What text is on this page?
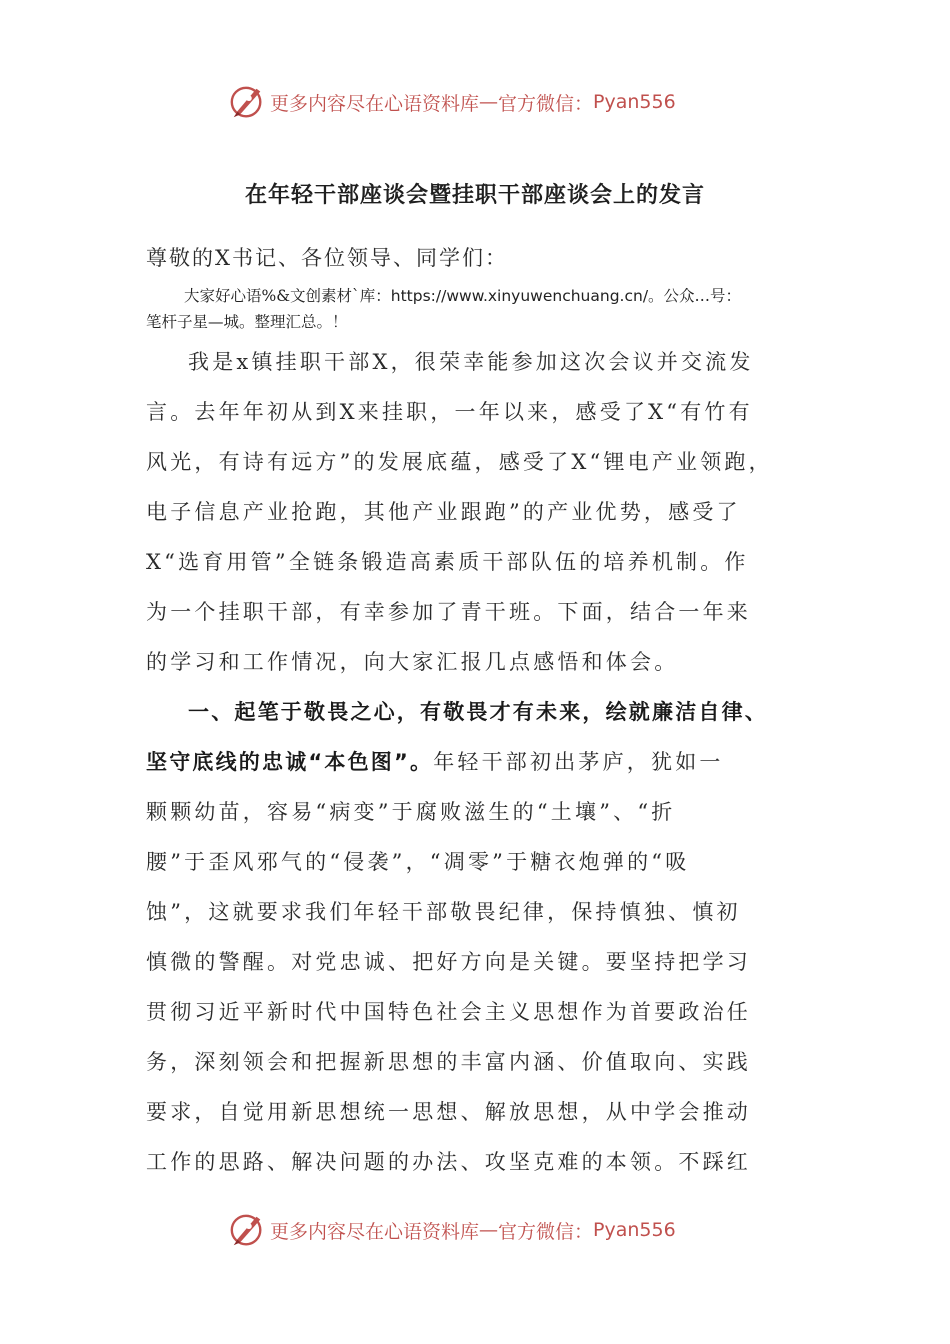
更多内容尽在心语资料库 — 官方微信： Pyan556
在年轻干部座谈会暨挂职干部座谈会上的发言
尊敬的X书记、各位领导、同学们：
大家好心语%&文创素材`库：https://www.xinyuwenchuang.cn/。公众…号：
笔杆子星—城。整理汇总。！
我是x镇挂职干部X，很荣幸能参加这次会议并交流发
言。去年年初从到X来挂职，一年以来，感受了X“有竹有
风光，有诗有远方”的发展底蕴，感受了X“锂电产业领跑，
电子信息产业抢跑，其他产业跟跑”的产业优势，感受了
X“选育用管”全链条锻造高素质干部队伍的培养机制。作
为一个挂职干部，有幸参加了青干班。下面，结合一年来
的学习和工作情况，向大家汇报几点感悟和体会。
一、起笔于敬畏之心，有敬畏才有未来，绘就廉洁自律、
坚守底线的忠诚“本色图”。年轻干部初出茅庐，犹如一
颗颗幼苗，容易“病变”于腐败滋生的“土壤”、“折
腰”于歪风邪气的“侵袭”，“凋零”于糖衣炮弹的“吸
蚀”，这就要求我们年轻干部敬畏纪律，保持慎独、慎初
慎微的警醒。对党忠诚、把好方向是关键。要坚持把学习
贯彻习近平新时代中国特色社会主义思想作为首要政治任
务，深刻领会和把握新思想的丰富内涵、价值取向、实践
要求，自觉用新思想统一思想、解放思想，从中学会推动
工作的思路、解决问题的办法、攻坚克难的本领。不踩红
更多内容尽在心语资料库 — 官方微信： Pyan556
